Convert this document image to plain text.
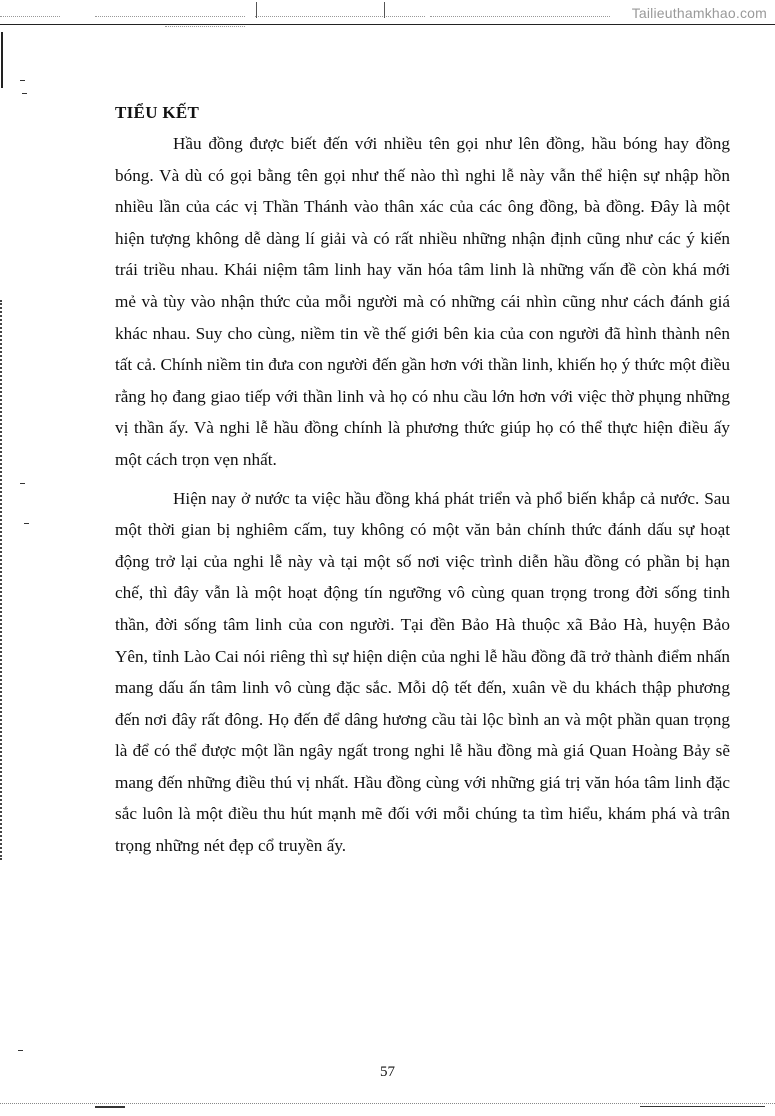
Tailieuthamkhao.com
TIỂU KẾT

Hầu đồng được biết đến với nhiều tên gọi như lên đồng, hầu bóng hay đồng bóng. Và dù có gọi bằng tên gọi như thế nào thì nghi lễ này vẫn thể hiện sự nhập hồn nhiều lần của các vị Thần Thánh vào thân xác của các ông đồng, bà đồng. Đây là một hiện tượng không dễ dàng lí giải và có rất nhiều những nhận định cũng như các ý kiến trái triều nhau. Khái niệm tâm linh hay văn hóa tâm linh là những vấn đề còn khá mới mẻ và tùy vào nhận thức của mỗi người mà có những cái nhìn cũng như cách đánh giá khác nhau. Suy cho cùng, niềm tin về thế giới bên kia của con người đã hình thành nên tất cả. Chính niềm tin đưa con người đến gần hơn với thần linh, khiến họ ý thức một điều rằng họ đang giao tiếp với thần linh và họ có nhu cầu lớn hơn với việc thờ phụng những vị thần ấy. Và nghi lễ hầu đồng chính là phương thức giúp họ có thể thực hiện điều ấy một cách trọn vẹn nhất.

Hiện nay ở nước ta việc hầu đồng khá phát triển và phổ biến khắp cả nước. Sau một thời gian bị nghiêm cấm, tuy không có một văn bản chính thức đánh dấu sự hoạt động trở lại của nghi lễ này và tại một số nơi việc trình diễn hầu đồng có phần bị hạn chế, thì đây vẫn là một hoạt động tín ngưỡng vô cùng quan trọng trong đời sống tinh thần, đời sống tâm linh của con người. Tại đền Bảo Hà thuộc xã Bảo Hà, huyện Bảo Yên, tỉnh Lào Cai nói riêng thì sự hiện diện của nghi lễ hầu đồng đã trở thành điểm nhấn mang dấu ấn tâm linh vô cùng đặc sắc. Mỗi dộ tết đến, xuân về du khách thập phương đến nơi đây rất đông. Họ đến để dâng hương cầu tài lộc bình an và một phần quan trọng là để có thể được một lần ngây ngất trong nghi lễ hầu đồng mà giá Quan Hoàng Bảy sẽ mang đến những điều thú vị nhất. Hầu đồng cùng với những giá trị văn hóa tâm linh đặc sắc luôn là một điều thu hút mạnh mẽ đối với mỗi chúng ta tìm hiểu, khám phá và trân trọng những nét đẹp cổ truyền ấy.

57
